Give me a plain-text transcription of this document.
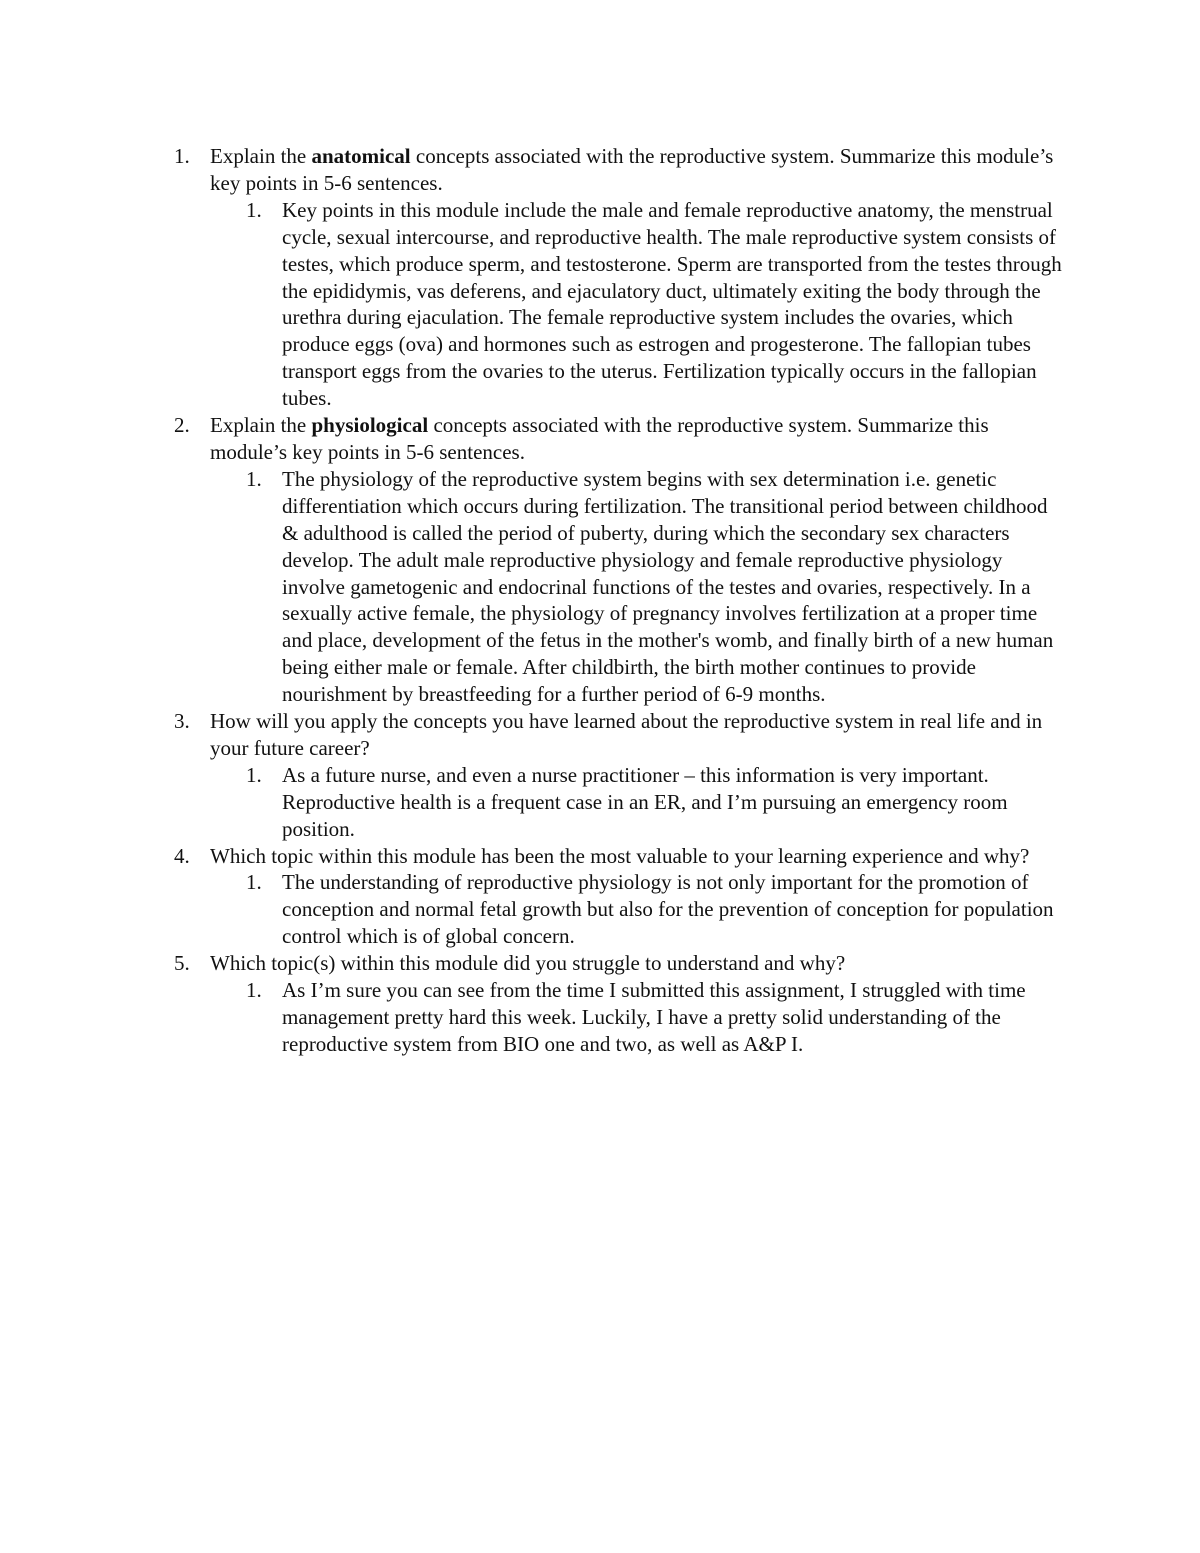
1. Explain the anatomical concepts associated with the reproductive system. Summarize this module’s key points in 5-6 sentences.
1. Key points in this module include the male and female reproductive anatomy, the menstrual cycle, sexual intercourse, and reproductive health. The male reproductive system consists of testes, which produce sperm, and testosterone. Sperm are transported from the testes through the epididymis, vas deferens, and ejaculatory duct, ultimately exiting the body through the urethra during ejaculation. The female reproductive system includes the ovaries, which produce eggs (ova) and hormones such as estrogen and progesterone. The fallopian tubes transport eggs from the ovaries to the uterus. Fertilization typically occurs in the fallopian tubes.
2. Explain the physiological concepts associated with the reproductive system. Summarize this module’s key points in 5-6 sentences.
1. The physiology of the reproductive system begins with sex determination i.e. genetic differentiation which occurs during fertilization. The transitional period between childhood & adulthood is called the period of puberty, during which the secondary sex characters develop. The adult male reproductive physiology and female reproductive physiology involve gametogenic and endocrinal functions of the testes and ovaries, respectively. In a sexually active female, the physiology of pregnancy involves fertilization at a proper time and place, development of the fetus in the mother's womb, and finally birth of a new human being either male or female. After childbirth, the birth mother continues to provide nourishment by breastfeeding for a further period of 6-9 months.
3. How will you apply the concepts you have learned about the reproductive system in real life and in your future career?
1. As a future nurse, and even a nurse practitioner – this information is very important. Reproductive health is a frequent case in an ER, and I’m pursuing an emergency room position.
4. Which topic within this module has been the most valuable to your learning experience and why?
1. The understanding of reproductive physiology is not only important for the promotion of conception and normal fetal growth but also for the prevention of conception for population control which is of global concern.
5. Which topic(s) within this module did you struggle to understand and why?
1. As I’m sure you can see from the time I submitted this assignment, I struggled with time management pretty hard this week. Luckily, I have a pretty solid understanding of the reproductive system from BIO one and two, as well as A&P I.
